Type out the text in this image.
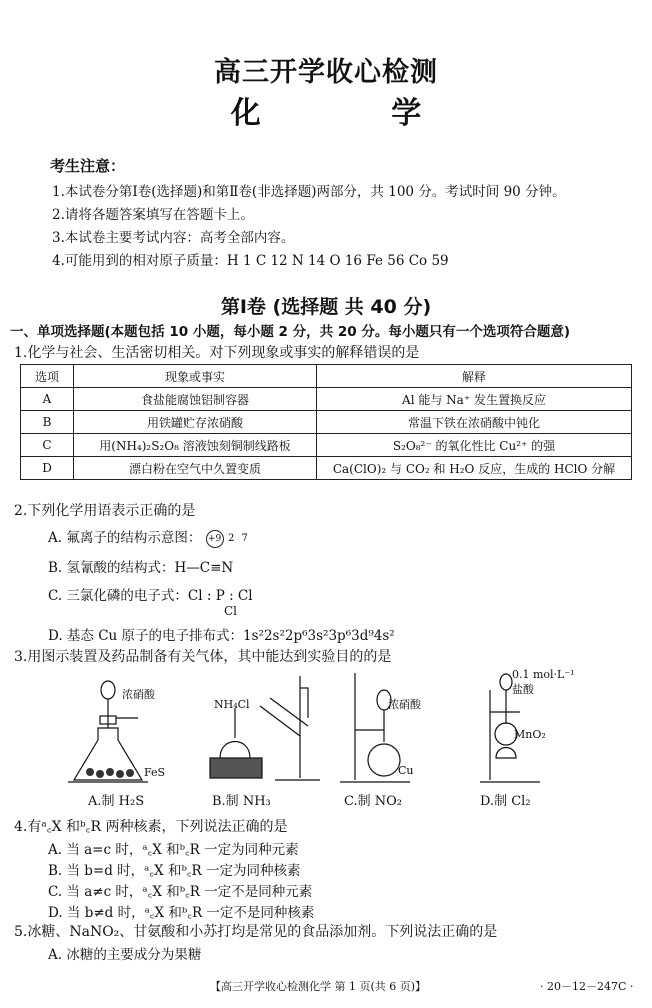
高三开学收心检测
化 学
考生注意：
1.本试卷分第Ⅰ卷(选择题)和第Ⅱ卷(非选择题)两部分，共 100 分。考试时间 90 分钟。
2.请将各题答案填写在答题卡上。
3.本试卷主要考试内容：高考全部内容。
4.可能用到的相对原子质量：H 1 C 12 N 14 O 16 Fe 56 Co 59
第Ⅰ卷 (选择题 共 40 分)
一、单项选择题(本题包括 10 小题，每小题 2 分，共 20 分。每小题只有一个选项符合题意)
1.化学与社会、生活密切相关。对下列现象或事实的解释错误的是
选项	现象或事实	解释
A	食盐能腐蚀铝制容器	Al 能与 Na⁺ 发生置换反应
B	用铁罐贮存浓硝酸	常温下铁在浓硝酸中钝化
C	用(NH₄)₂S₂O₈ 溶液蚀刻铜制线路板	S₂O₈²⁻ 的氧化性比 Cu²⁺ 的强
D	漂白粉在空气中久置变质	Ca(ClO)₂ 与 CO₂ 和 H₂O 反应，生成的 HClO 分解
2.下列化学用语表示正确的是
A. 氟离子的结构示意图： +9 2 7
B. 氢氰酸的结构式：H—C≡N
C. 三氯化磷的电子式：Cl : P : Cl
Cl
D. 基态 Cu 原子的电子排布式：1s²2s²2p⁶3s²3p⁶3d⁹4s²
3.用图示装置及药品制备有关气体，其中能达到实验目的的是
浓硝酸
FeS
NH₄Cl	浓硝酸
Cu
0.1 mol·L⁻¹
盐酸
MnO₂
A.制 H₂S	B.制 NH₃	C.制 NO₂	D.制 Cl₂
4.有ᵃ꜀X 和ᵇ꜀R 两种核素，下列说法正确的是
A. 当 a=c 时，ᵃ꜀X 和ᵇ꜀R 一定为同种元素
B. 当 b=d 时，ᵃ꜀X 和ᵇ꜀R 一定为同种核素
C. 当 a≠c 时，ᵃ꜀X 和ᵇ꜀R 一定不是同种元素
D. 当 b≠d 时，ᵃ꜀X 和ᵇ꜀R 一定不是同种核素
5.冰糖、NaNO₂、甘氨酸和小苏打均是常见的食品添加剂。下列说法正确的是
A. 冰糖的主要成分为果糖
【高三开学收心检测化学 第 1 页(共 6 页)】	· 20－12－247C ·
